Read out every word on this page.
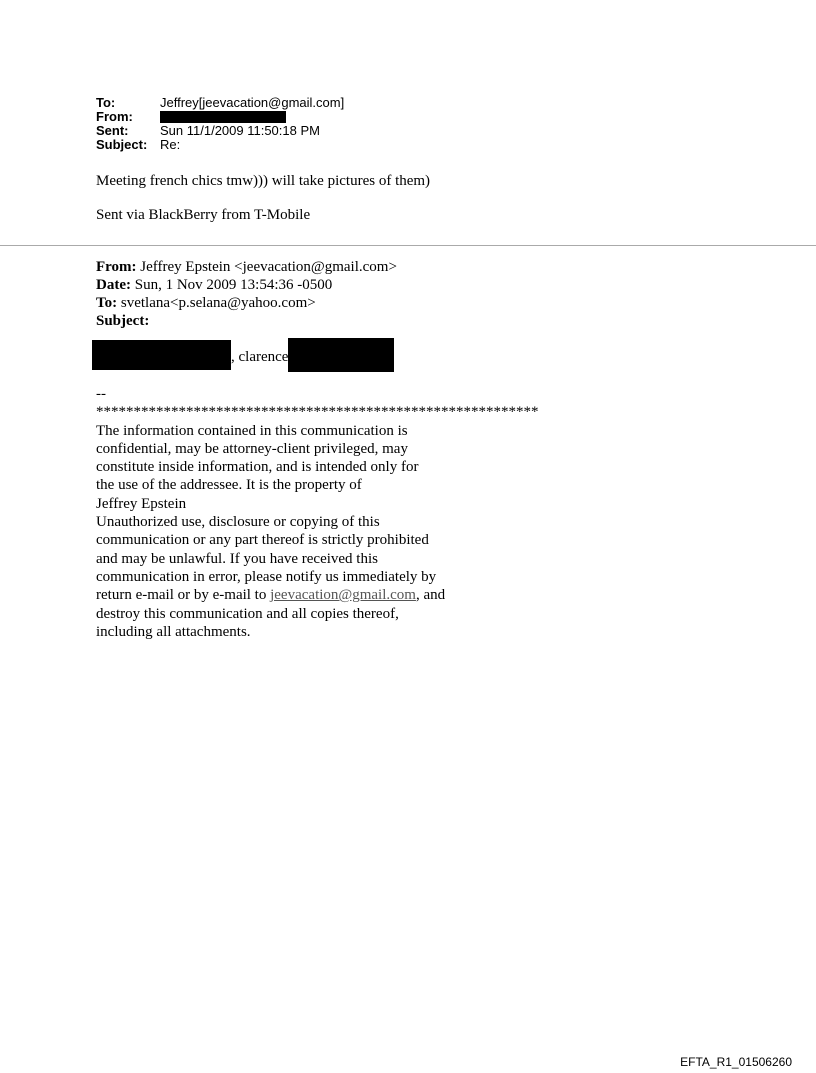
To:	Jeffrey[jeevacation@gmail.com]
From:
Sent: Sun 11/1/2009 11:50:18 PM
Subject: Re:
Meeting french chics tmw))) will take pictures of them)
Sent via BlackBerry from T-Mobile
From: Jeffrey Epstein <jeevacation@gmail.com>
Date: Sun, 1 Nov 2009 13:54:36 -0500
To: svetlana<p.selana@yahoo.com>
Subject:
, clarence

--

***********************************************************

The information contained in this communication is

confidential, may be attorney-client privileged, may

constitute inside information, and is intended only for

the use of the addressee. It is the property of

Jeffrey Epstein

Unauthorized use, disclosure or copying of this

communication or any part thereof is strictly prohibited

and may be unlawful. If you have received this

communication in error, please notify us immediately by

return e-mail or by e-mail to jeevacation@gmail.com, and

destroy this communication and all copies thereof,

including all attachments.

EFTA_R1_01506260
